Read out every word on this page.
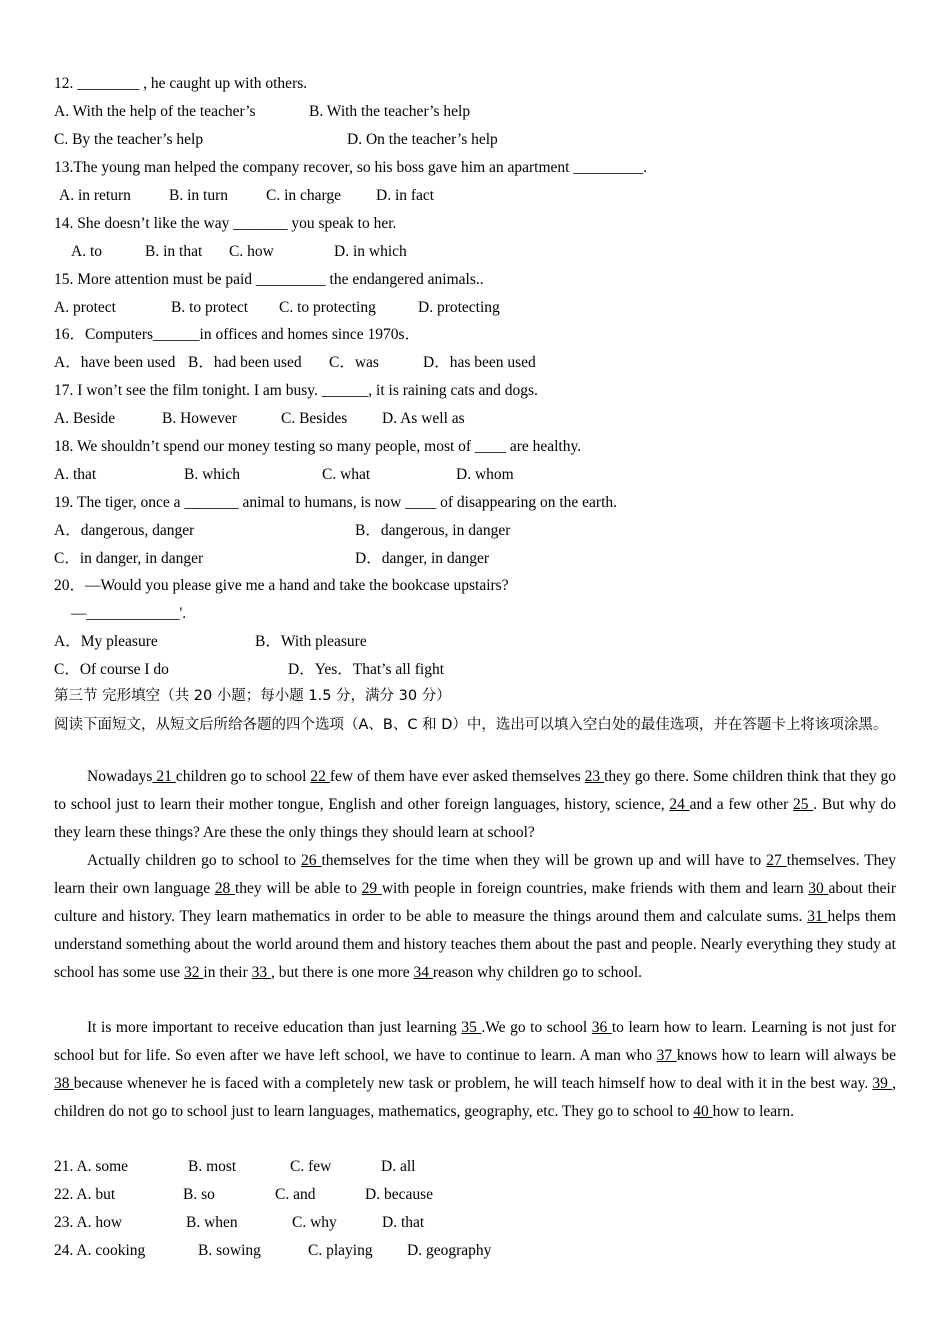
12. ________ , he caught up with others.
A. With the help of the teacher’s	B. With the teacher’s help
C. By the teacher’s help	D. On the teacher’s help
13.The young man helped the company recover, so his boss gave him an apartment _________.
A. in return B. in turn C. in charge D. in fact
14. She doesn’t like the way _______ you speak to her.
A. to	B. in that C. how	D. in which
15. More attention must be paid _________ the endangered animals..
A. protect	B. to protect C. to protecting	D. protecting
16．Computers______in offices and homes since 1970s．
A．have been used B．had been used C．was	D．has been used
17. I won’t see the film tonight. I am busy. ______, it is raining cats and dogs.
A. Beside	B. However	C. Besides D. As well as
18. We shouldn’t spend our money testing so many people, most of ____ are healthy.
A. that	B. which	C. what	D. whom
19. The tiger, once a _______ animal to humans, is now ____ of disappearing on the earth.
A．dangerous, danger	B．dangerous, in danger
C．in danger, in danger	D．danger, in danger
20．—Would you please give me a hand and take the bookcase upstairs?
—____________'.
A．My pleasure	B．With pleasure
C．Of course I do	D．Yes．That’s all fight
第三节 完形填空（共 20 小题；每小题 1.5 分，满分 30 分）
阅读下面短文，从短文后所给各题的四个选项（A、B、C 和 D）中，选出可以填入空白处的最佳选项，并在答题卡上将该项涂黑。
Nowadays 21 children go to school 22 few of them have ever asked themselves 23 they go there. Some children think that they go to school just to learn their mother tongue, English and other foreign languages, history, science, 24 and a few other 25 . But why do they learn these things? Are these the only things they should learn at school?
Actually children go to school to 26 themselves for the time when they will be grown up and will have to 27 themselves. They learn their own language 28 they will be able to 29 with people in foreign countries, make friends with them and learn 30 about their culture and history. They learn mathematics in order to be able to measure the things around them and calculate sums. 31 helps them understand something about the world around them and history teaches them about the past and people. Nearly everything they study at school has some use 32 in their 33 , but there is one more 34 reason why children go to school.
It is more important to receive education than just learning 35 .We go to school 36 to learn how to learn. Learning is not just for school but for life. So even after we have left school, we have to continue to learn. A man who 37 knows how to learn will always be 38 because whenever he is faced with a completely new task or problem, he will teach himself how to deal with it in the best way. 39 , children do not go to school just to learn languages, mathematics, geography, etc. They go to school to 40 how to learn.
21. A. some	B. most	C. few	D. all
22. A. but	B. so	C. and	D. because
23. A. how	B. when	C. why	D. that
24. A. cooking	B. sowing	C. playing D. geography
